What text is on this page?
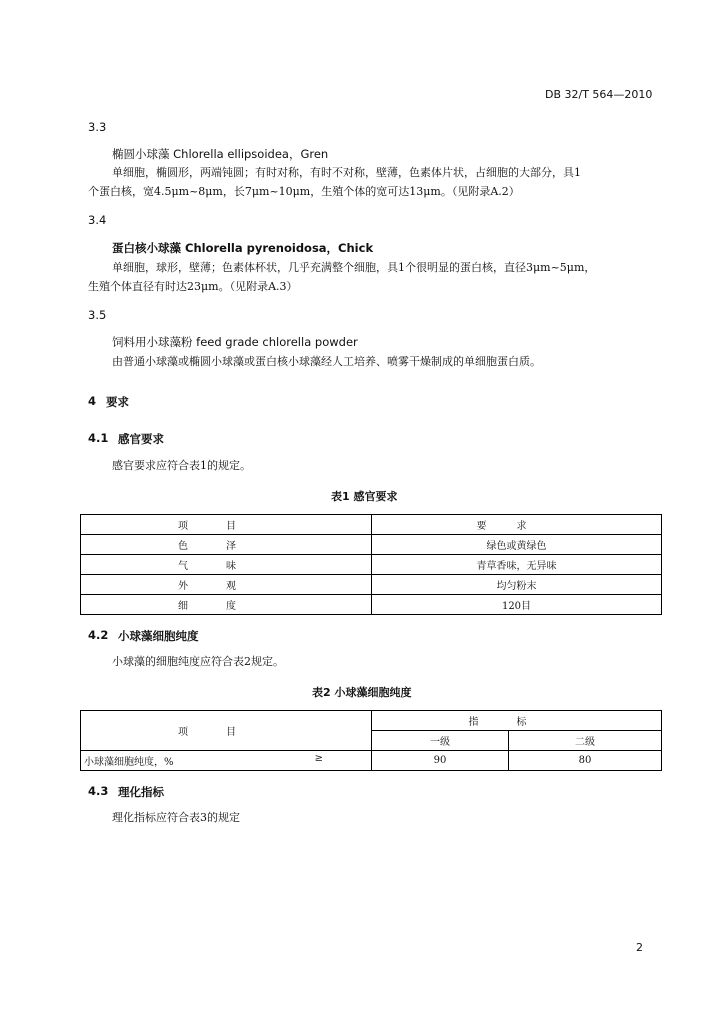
DB 32/T 564—2010
3.3
椭圆小球藻 Chlorella ellipsoidea，Gren
单细胞，椭圆形，两端钝圆；有时对称，有时不对称，壁薄，色素体片状，占细胞的大部分，具1
个蛋白核，宽4.5μm~8μm，长7μm~10μm，生殖个体的宽可达13μm。（见附录A.2）
3.4
蛋白核小球藻 Chlorella pyrenoidosa，Chick
单细胞，球形，壁薄；色素体杯状，几乎充满整个细胞，具1个很明显的蛋白核，直径3μm~5μm，
生殖个体直径有时达23μm。（见附录A.3）
3.5
饲料用小球藻粉 feed grade chlorella powder
由普通小球藻或椭圆小球藻或蛋白核小球藻经人工培养、喷雾干燥制成的单细胞蛋白质。
4 要求
4.1 感官要求
感官要求应符合表1的规定。
表1 感官要求
项目	要求
色泽	绿色或黄绿色
气味	青草香味，无异味
外观	均匀粉末
细度	120目
4.2 小球藻细胞纯度
小球藻的细胞纯度应符合表2规定。
表2 小球藻细胞纯度
项目	指标	
	一级	二级
小球藻细胞纯度，% ≥	90	80
4.3 理化指标
理化指标应符合表3的规定
2
